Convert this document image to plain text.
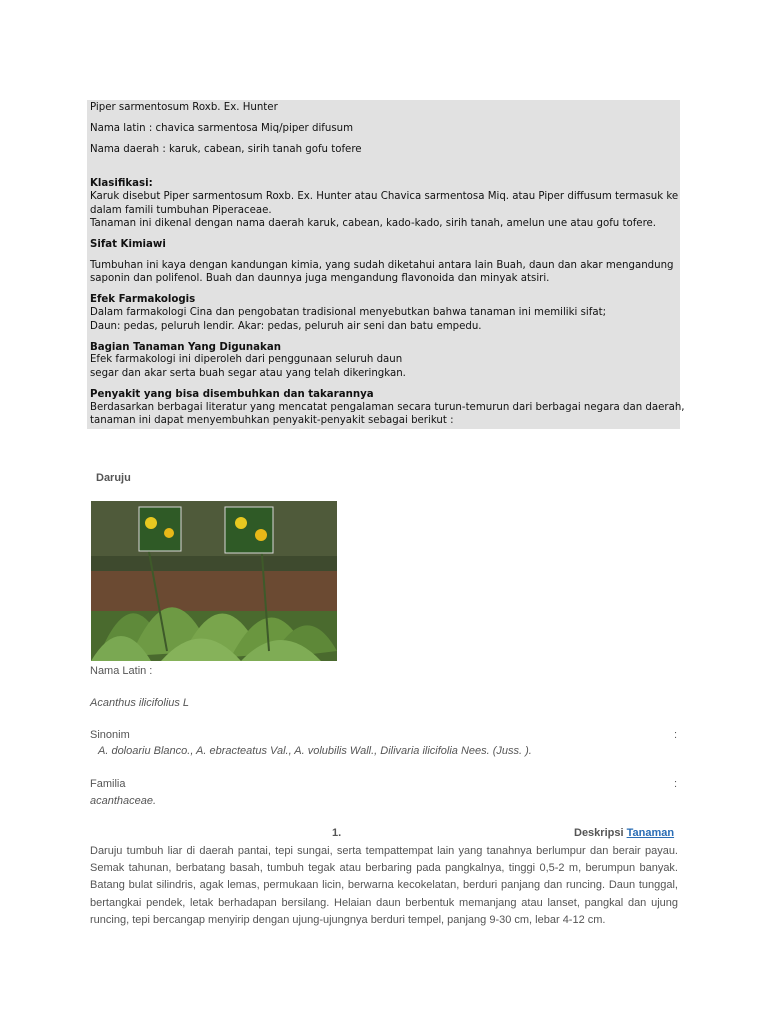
Piper sarmentosum Roxb. Ex. Hunter

Nama latin : chavica sarmentosa Miq/piper difusum

Nama daerah : karuk, cabean, sirih tanah gofu tofere

Klasifikasi:

Karuk disebut Piper sarmentosum Roxb. Ex. Hunter atau Chavica sarmentosa Miq. atau Piper diffusum termasuk ke

dalam famili tumbuhan Piperaceae.

Tanaman ini dikenal dengan nama daerah karuk, cabean, kado-kado, sirih tanah, amelun une atau gofu tofere.

Sifat Kimiawi

Tumbuhan ini kaya dengan kandungan kimia, yang sudah diketahui antara lain Buah, daun dan akar mengandung

saponin dan polifenol. Buah dan daunnya juga mengandung flavonoida dan minyak atsiri.

Efek Farmakologis

Dalam farmakologi Cina dan pengobatan tradisional menyebutkan bahwa tanaman ini memiliki sifat;

Daun: pedas, peluruh lendir. Akar: pedas, peluruh air seni dan batu empedu.

Bagian Tanaman Yang Digunakan

Efek farmakologi ini diperoleh dari penggunaan seluruh daun

segar dan akar serta buah segar atau yang telah dikeringkan.

Penyakit yang bisa disembuhkan dan takarannya

Berdasarkan berbagai literatur yang mencatat pengalaman secara turun-temurun dari berbagai negara dan daerah,

tanaman ini dapat menyembuhkan penyakit-penyakit sebagai berikut :

Daruju

Nama Latin :

Acanthus ilicifolius L

Sinonim	:

A. doloariu Blanco., A. ebracteatus Val., A. volubilis Wall., Dilivaria ilicifolia Nees. (Juss. ).

Familia	:

acanthaceae.

1.	Deskripsi Tanaman

Daruju tumbuh liar di daerah pantai, tepi sungai, serta tempattempat lain yang tanahnya berlumpur dan berair payau. Semak tahunan, berbatang basah, tumbuh tegak atau berbaring pada pangkalnya, tinggi 0,5-2 m, berumpun banyak. Batang bulat silindris, agak lemas, permukaan licin, berwarna kecokelatan, berduri panjang dan runcing. Daun tunggal, bertangkai pendek, letak berhadapan bersilang. Helaian daun berbentuk memanjang atau lanset, pangkal dan ujung runcing, tepi bercangap menyirip dengan ujung-ujungnya berduri tempel, panjang 9-30 cm, lebar 4-12 cm.
